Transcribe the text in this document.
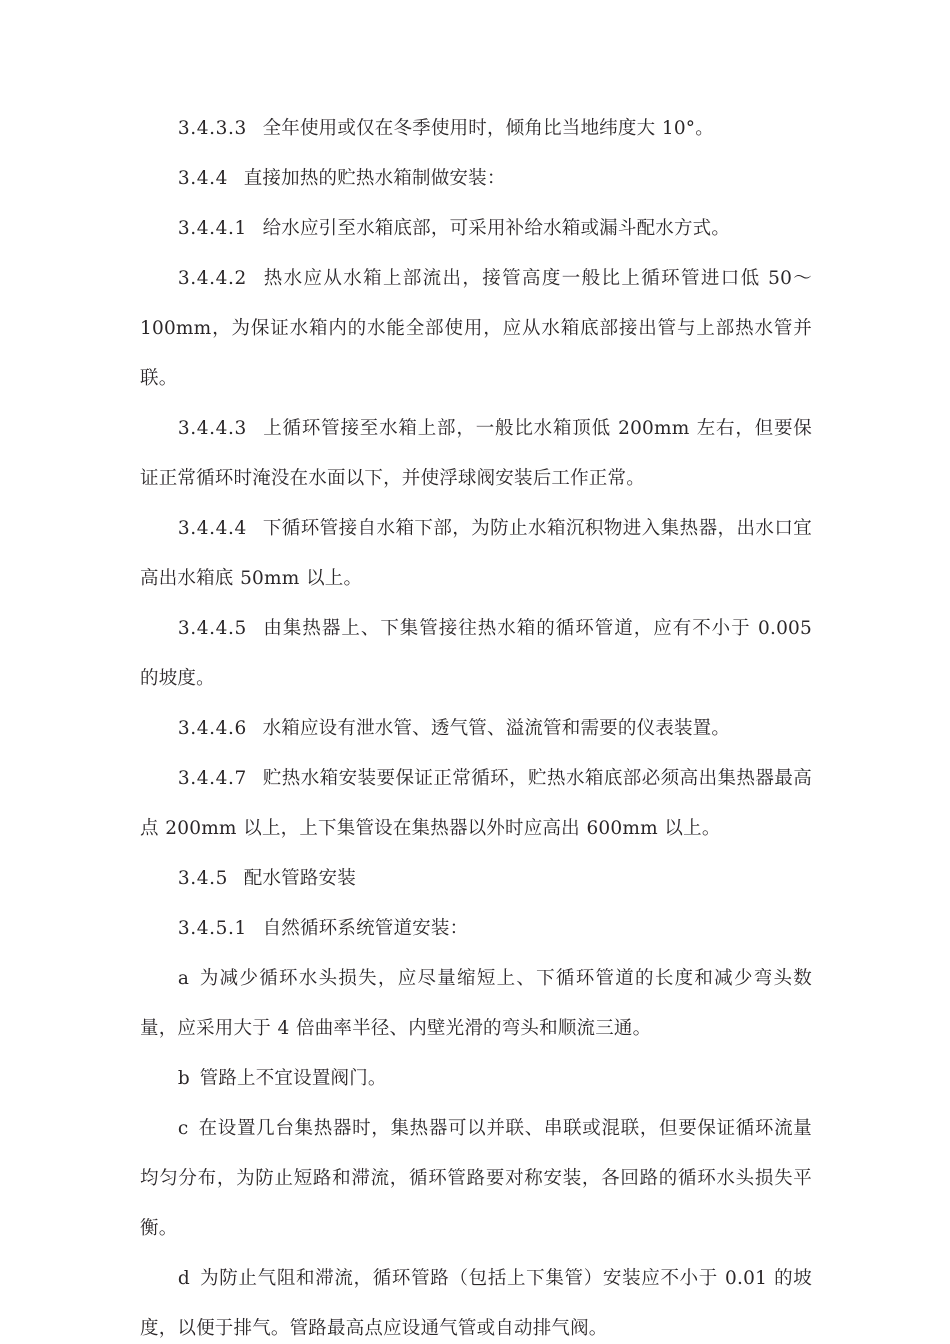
3.4.3.3 全年使用或仅在冬季使用时，倾角比当地纬度大 10°。

3.4.4 直接加热的贮热水箱制做安装：

3.4.4.1 给水应引至水箱底部，可采用补给水箱或漏斗配水方式。

3.4.4.2 热水应从水箱上部流出，接管高度一般比上循环管进口低 50～100mm，为保证水箱内的水能全部使用，应从水箱底部接出管与上部热水管并联。

3.4.4.3 上循环管接至水箱上部，一般比水箱顶低 200mm 左右，但要保证正常循环时淹没在水面以下，并使浮球阀安装后工作正常。

3.4.4.4 下循环管接自水箱下部，为防止水箱沉积物进入集热器，出水口宜高出水箱底 50mm 以上。

3.4.4.5 由集热器上、下集管接往热水箱的循环管道，应有不小于 0.005 的坡度。

3.4.4.6 水箱应设有泄水管、透气管、溢流管和需要的仪表装置。

3.4.4.7 贮热水箱安装要保证正常循环，贮热水箱底部必须高出集热器最高点 200mm 以上，上下集管设在集热器以外时应高出 600mm 以上。

3.4.5 配水管路安装

3.4.5.1 自然循环系统管道安装：

a 为减少循环水头损失，应尽量缩短上、下循环管道的长度和减少弯头数量，应采用大于 4 倍曲率半径、内壁光滑的弯头和顺流三通。

b 管路上不宜设置阀门。

c 在设置几台集热器时，集热器可以并联、串联或混联，但要保证循环流量均匀分布，为防止短路和滞流，循环管路要对称安装，各回路的循环水头损失平衡。

d 为防止气阻和滞流，循环管路（包括上下集管）安装应不小于 0.01 的坡度，以便于排气。管路最高点应设通气管或自动排气阀。
